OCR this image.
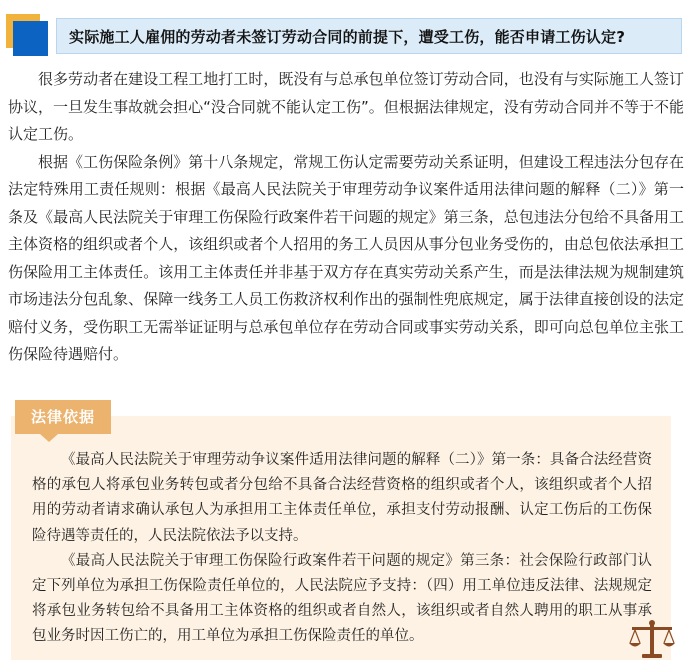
实际施工人雇佣的劳动者未签订劳动合同的前提下，遭受工伤，能否申请工伤认定?

很多劳动者在建设工程工地打工时，既没有与总承包单位签订劳动合同，也没有与实际施工人签订协议，一旦发生事故就会担心“没合同就不能认定工伤”。但根据法律规定，没有劳动合同并不等于不能认定工伤。

根据《工伤保险条例》第十八条规定，常规工伤认定需要劳动关系证明，但建设工程违法分包存在法定特殊用工责任规则：根据《最高人民法院关于审理劳动争议案件适用法律问题的解释（二）》第一条及《最高人民法院关于审理工伤保险行政案件若干问题的规定》第三条，总包违法分包给不具备用工主体资格的组织或者个人，该组织或者个人招用的务工人员因从事分包业务受伤的，由总包依法承担工伤保险用工主体责任。该用工主体责任并非基于双方存在真实劳动关系产生，而是法律法规为规制建筑市场违法分包乱象、保障一线务工人员工伤救济权利作出的强制性兜底规定，属于法律直接创设的法定赔付义务，受伤职工无需举证证明与总承包单位存在劳动合同或事实劳动关系，即可向总包单位主张工伤保险待遇赔付。

法律依据

《最高人民法院关于审理劳动争议案件适用法律问题的解释（二）》第一条：具备合法经营资格的承包人将承包业务转包或者分包给不具备合法经营资格的组织或者个人，该组织或者个人招用的劳动者请求确认承包人为承担用工主体责任单位，承担支付劳动报酬、认定工伤后的工伤保险待遇等责任的，人民法院依法予以支持。

《最高人民法院关于审理工伤保险行政案件若干问题的规定》第三条：社会保险行政部门认定下列单位为承担工伤保险责任单位的，人民法院应予支持：（四）用工单位违反法律、法规规定将承包业务转包给不具备用工主体资格的组织或者自然人，该组织或者自然人聘用的职工从事承包业务时因工伤亡的，用工单位为承担工伤保险责任的单位。
